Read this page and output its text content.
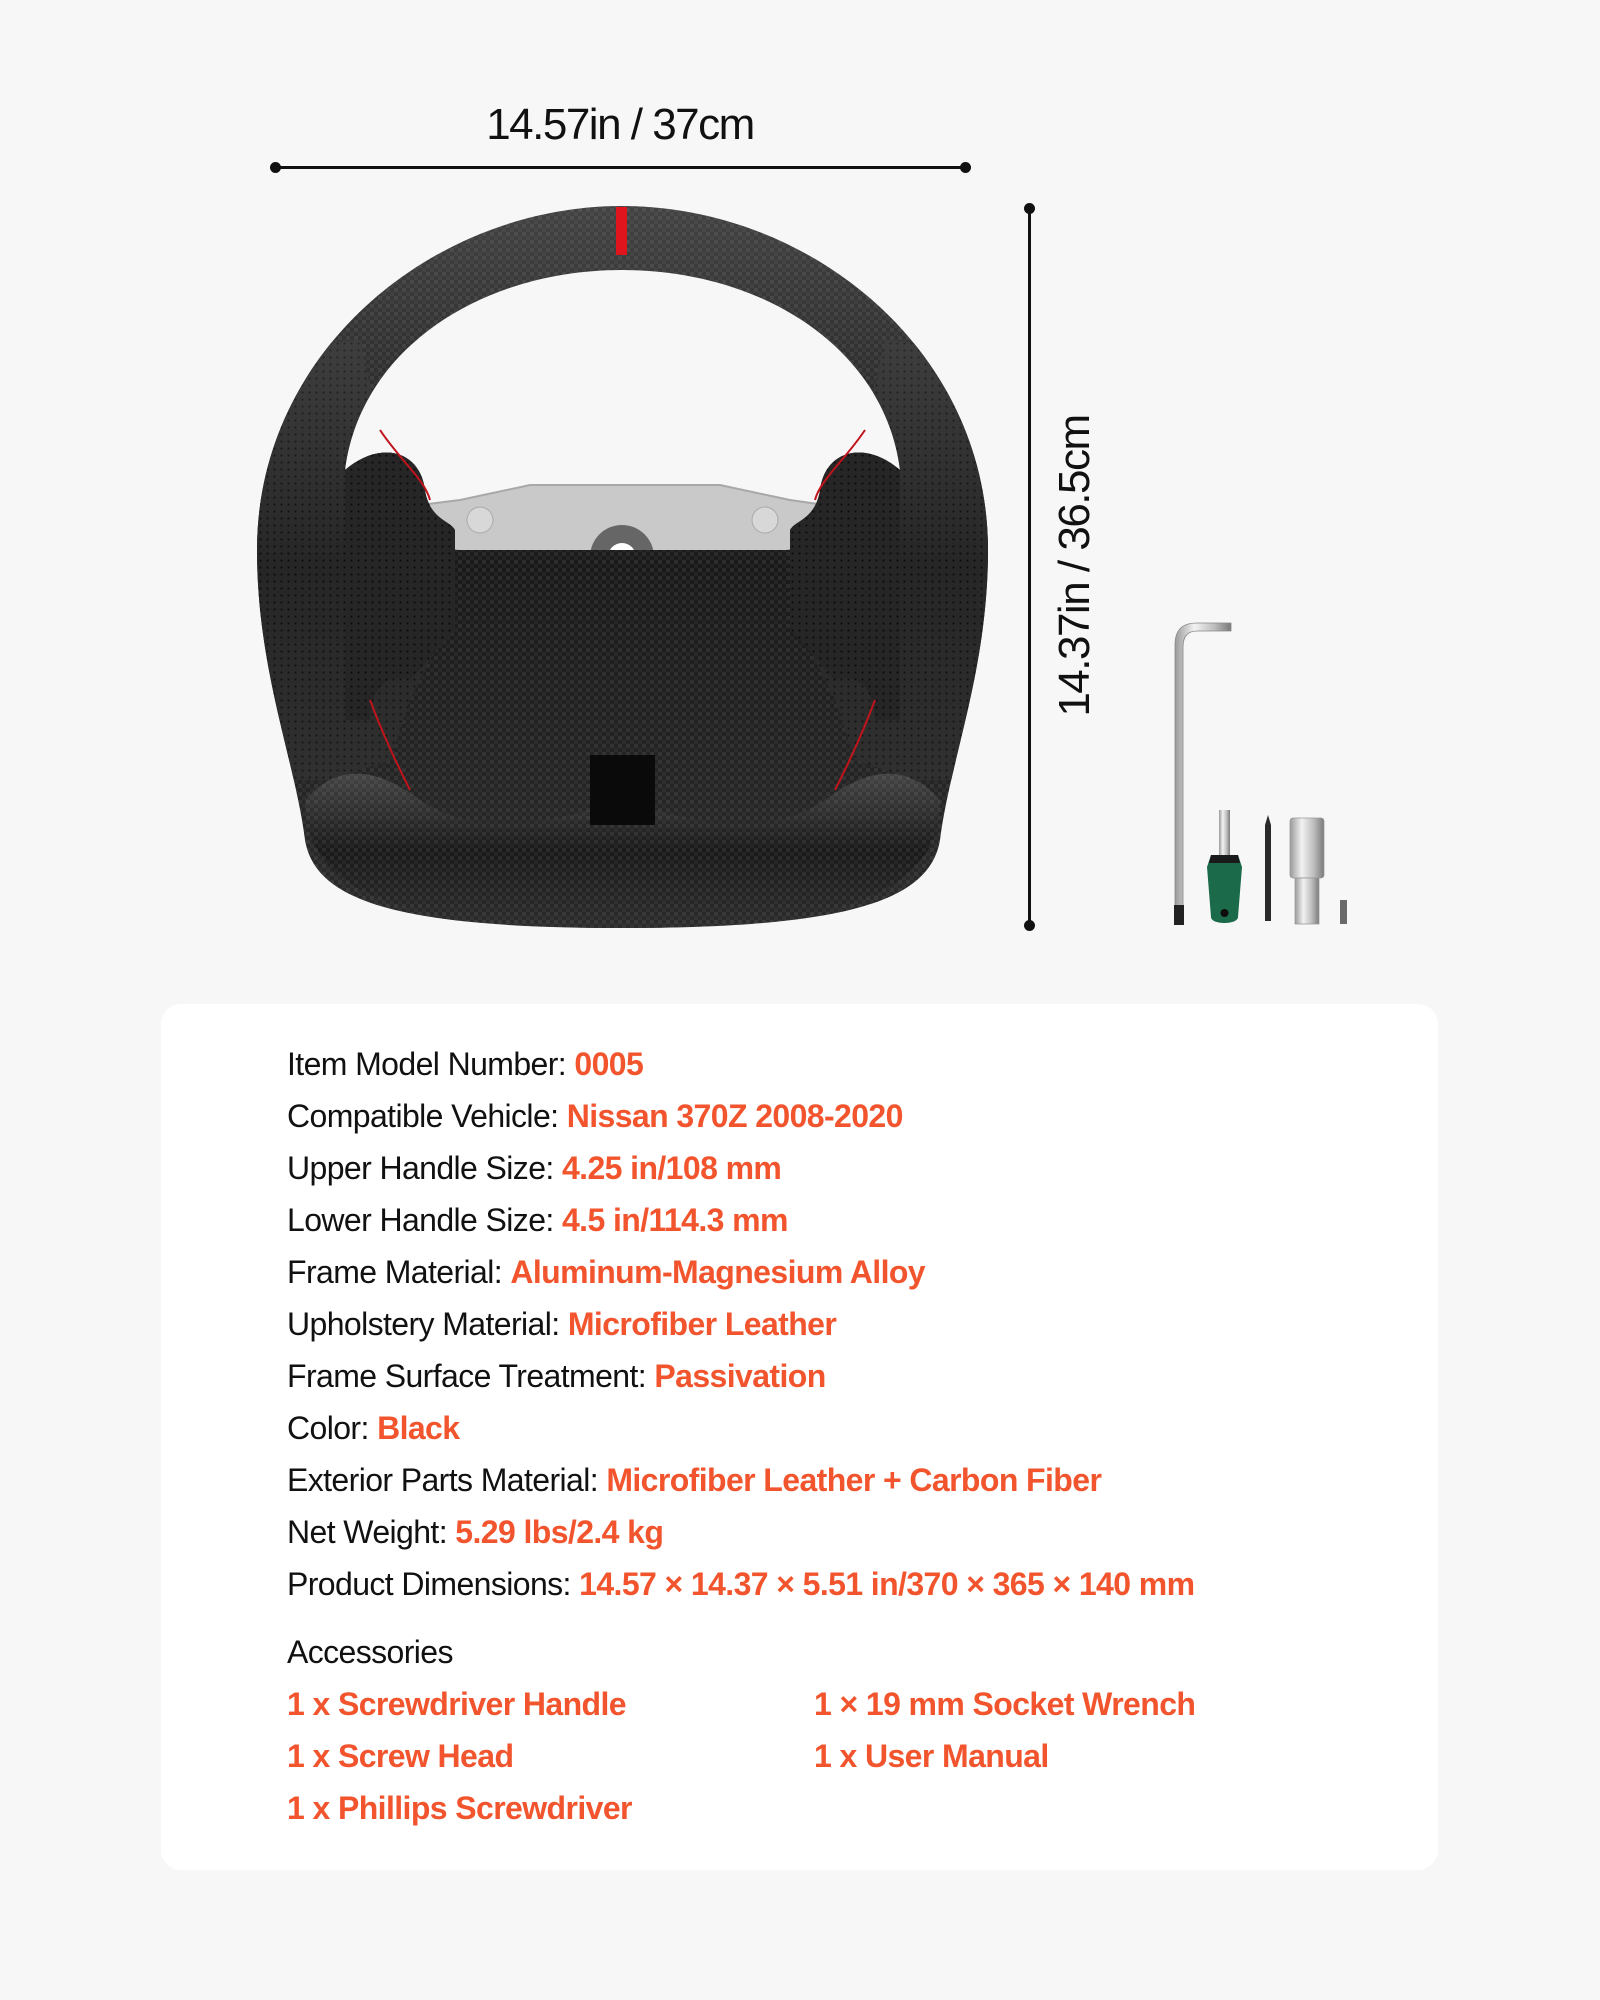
14.57in / 37cm
14.37in / 36.5cm
Item Model Number: 0005
Compatible Vehicle: Nissan 370Z 2008-2020
Upper Handle Size: 4.25 in/108 mm
Lower Handle Size: 4.5 in/114.3 mm
Frame Material: Aluminum-Magnesium Alloy
Upholstery Material: Microfiber Leather
Frame Surface Treatment: Passivation
Color: Black
Exterior Parts Material: Microfiber Leather + Carbon Fiber
Net Weight: 5.29 lbs/2.4 kg
Product Dimensions: 14.57 × 14.37 × 5.51 in/370 × 365 × 140 mm
Accessories
1 x Screwdriver Handle	1 × 19 mm Socket Wrench
1 x Screw Head	1 x User Manual
1 x Phillips Screwdriver
